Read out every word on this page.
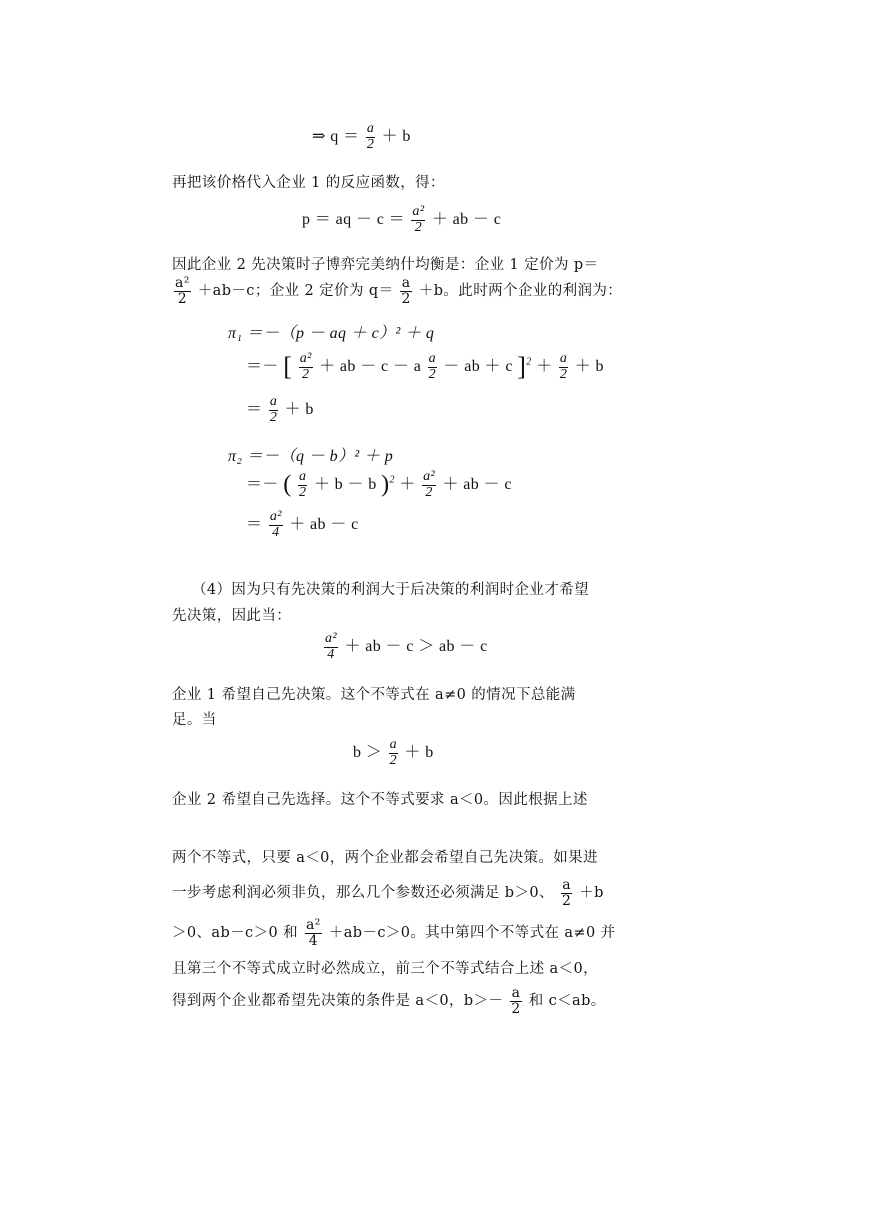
⇒ $q = \frac{a}{2} + b$
再把该价格代入企业 1 的反应函数，得：
p ＝ aq － $c = \frac{\text{a²}}{2}$ ＋ ab － c
因此企业 2 先决策时子博弈完美纳什均衡是：企业 1 定价为 p＝
$\frac{\text{a²}}{2} +ab-c$；企业 2 定价为 $q= \frac{a}{2} +b$。此时两个企业的利润为：
π₁ ＝－（p － aq ＋ c）² ＋ q
＝－ [ $\frac{\text{a²}}{2}$ ＋ ab － c － a $\frac{a}{2}$ － ab ＋ c ]$^2 + \frac{a}{2} + b$
＝ $\frac{a}{2} + b$
π₂ ＝－（q － b）² ＋ p
＝－ ( $\frac{a}{2} + b - b$ )$^2 + \frac{\text{a²}}{2}$ ＋ ab － c
＝ $\frac{\text{a²}}{4}$ ＋ ab － c
（4）因为只有先决策的利润大于后决策的利润时企业才希望
先决策，因此当：
$\frac{\text{a²}}{4}$ ＋ ab － c ＞ ab － c
企业 1 希望自己先决策。这个不等式在 a≠0 的情况下总能满
足。当
$b > \frac{a}{2} + b$
企业 2 希望自己先选择。这个不等式要求 a＜0。因此根据上述
两个不等式，只要 a＜0，两个企业都会希望自己先决策。如果进
一步考虑利润必须非负，那么几个参数还必须满足 b＞0、 $\frac{a}{2} +b$
＞0、ab－c＞0 和 $\frac{\text{a²}}{4} +ab-c>0$。其中第四个不等式在 a≠0 并
且第三个不等式成立时必然成立，前三个不等式结合上述 a＜0，
得到两个企业都希望先决策的条件是 a＜0，$b>- \frac{a}{2}$ 和 c＜ab。
